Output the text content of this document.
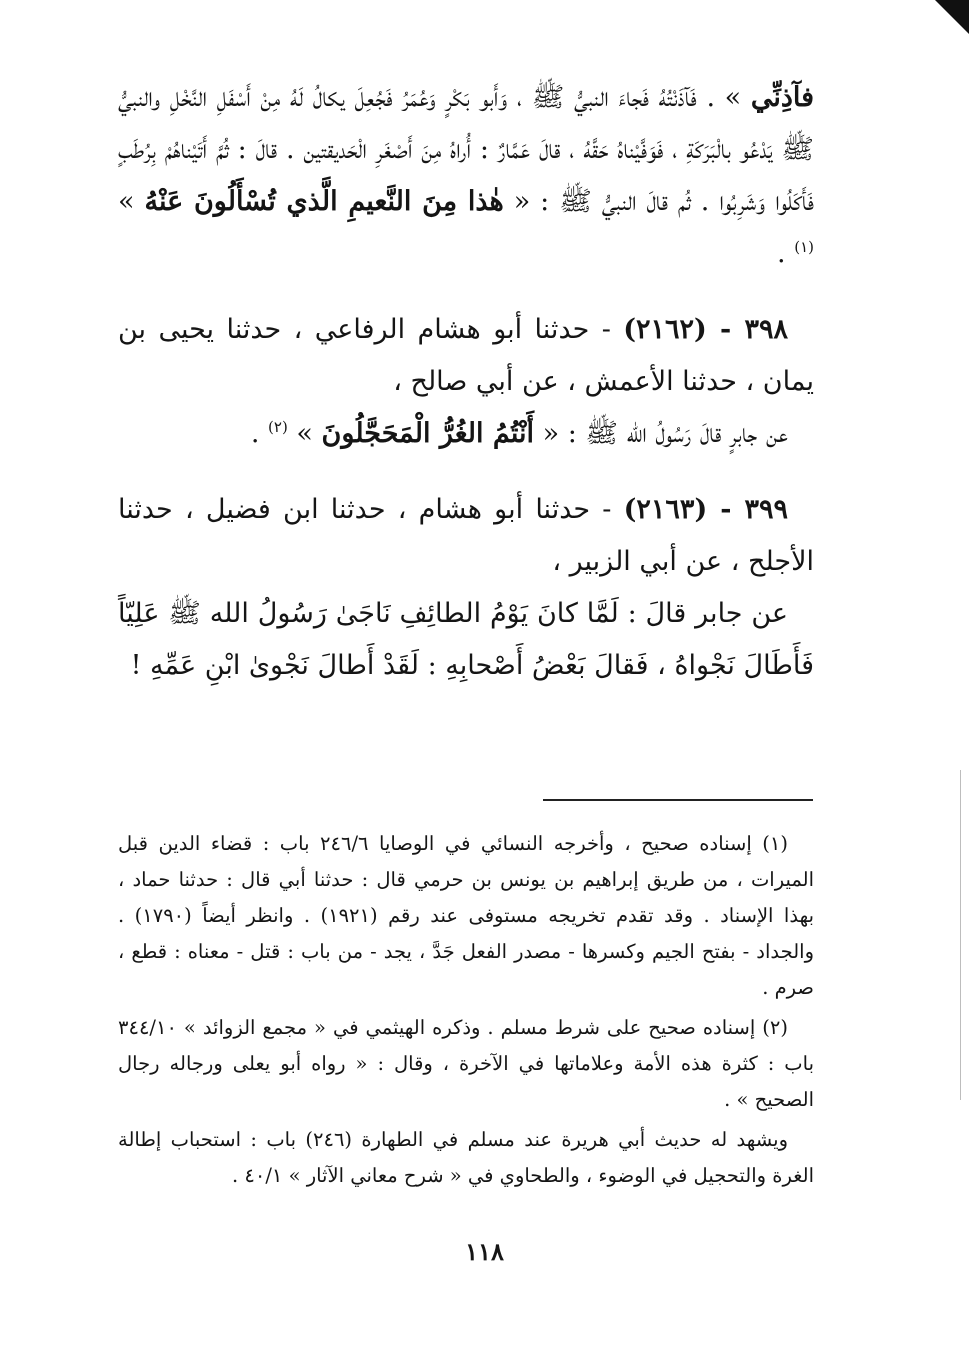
فآذِنِّي » . فَآذَنْتُهُ فَجاءَ النبيُّ ﷺ ، وَأَبو بَكْرٍ وَعُمَرُ فَجُعِلَ يكالُ لَهُ مِنْ أَسْفَلِ النَّخْلِ والنبيُّ ﷺ يَدْعُو بالْبَرَكَةِ ، فَوَفَّيْناهُ حَقَّهُ ، قالَ عَمَّارٌ : أُراهُ مِنَ أَصْغَرِ الْحَديقتين . قالَ : ثُمَّ أَتَيْناهُمْ بِرُطَبٍ فَأَكَلُوا وَشَرِبُوا . ثُم قالَ النبيُّ ﷺ : « هٰذا مِنَ النَّعيمِ الَّذي تُسْأَلُونَ عَنْهُ » $^{(١)}$ .

٣٩٨ - (٢١٦٢) - حدثنا أبو هشام الرفاعي ، حدثنا يحيى بن يمان ، حدثنا الأعمش ، عن أبي صالح ،

عن جابرٍ قالَ رَسُولُ الله ﷺ : « أَنْتُمُ الغُرُّ الْمَحَجَّلُونَ » $^{(٢)}$ .

٣٩٩ - (٢١٦٣) - حدثنا أبو هشام ، حدثنا ابن فضيل ، حدثنا الأجلح ، عن أبي الزبير ،

عن جابر قالَ : لَمَّا كانَ يَوْمُ الطائِفِ نَاجَىٰ رَسُولُ الله ﷺ عَلِيّاً فَأَطَالَ نَجْواهُ ، فَقالَ بَعْضُ أَصْحابِهِ : لَقَدْ أَطالَ نَجْوىٰ ابْنِ عَمِّهِ !

(١) إسناده صحيح ، وأخرجه النسائي في الوصايا ٢٤٦/٦ باب : قضاء الدين قبل الميرات ، من طريق إبراهيم بن يونس بن حرمي قال : حدثنا أبي قال : حدثنا حماد ، بهذا الإسناد . وقد تقدم تخريجه مستوفى عند رقم (١٩٢١) . وانظر أيضاً (١٧٩٠) . والجداد - بفتح الجيم وكسرها - مصدر الفعل جَدَّ ، يجد - من باب : قتل - معناه : قطع ، صرم .

(٢) إسناده صحيح على شرط مسلم . وذكره الهيثمي في « مجمع الزوائد » ٣٤٤/١٠ باب : كثرة هذه الأمة وعلاماتها في الآخرة ، وقال : « رواه أبو يعلى ورجاله رجال الصحيح » .

ويشهد له حديث أبي هريرة عند مسلم في الطهارة (٢٤٦) باب : استحباب إطالة الغرة والتحجيل في الوضوء ، والطحاوي في « شرح معاني الآثار » ٤٠/١ .

١١٨
